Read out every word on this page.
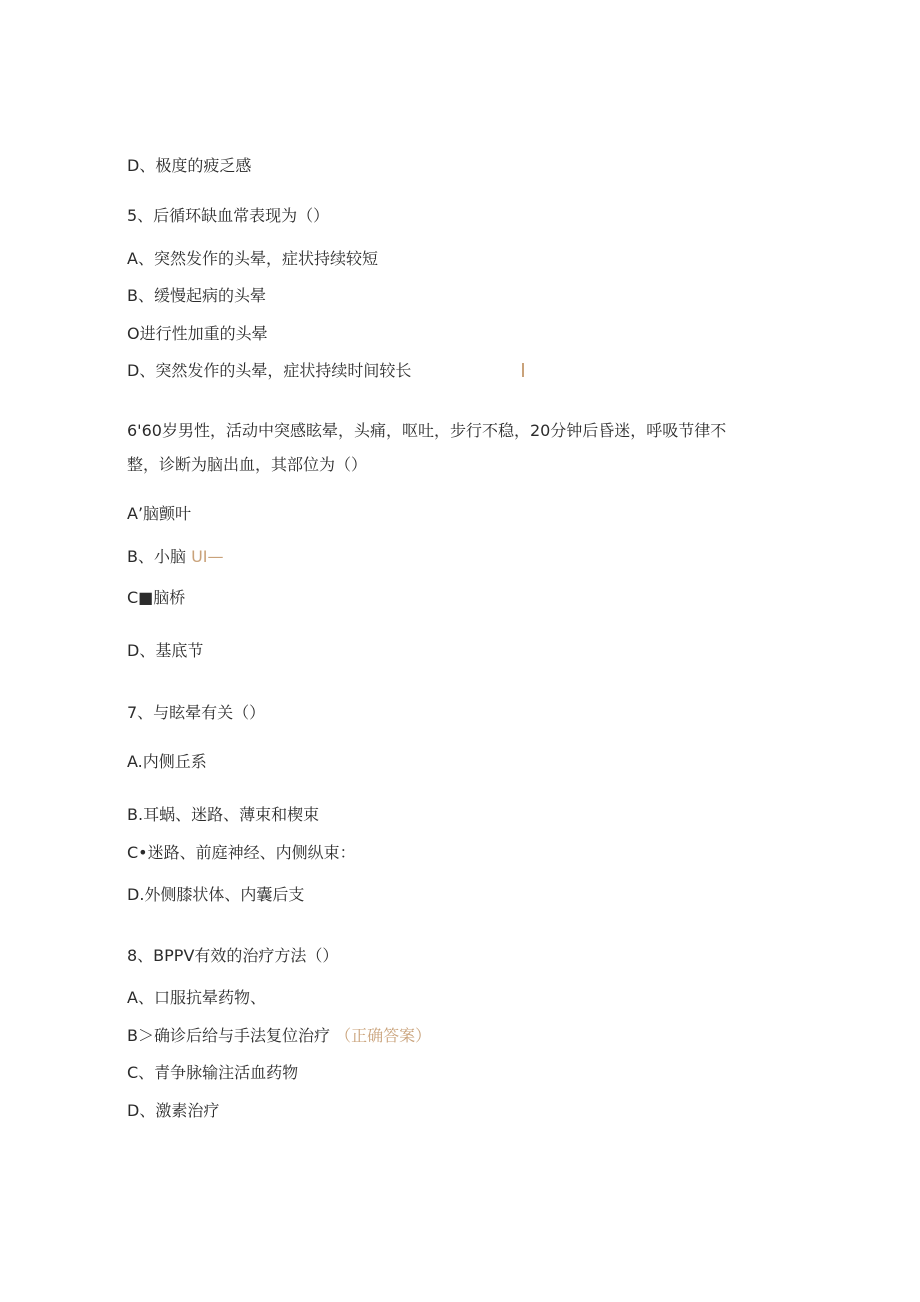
D、极度的疲乏感
5、后循环缺血常表现为（）
A、突然发作的头晕，症状持续较短
B、缓慢起病的头晕
O进行性加重的头晕
D、突然发作的头晕，症状持续时间较长
6'60岁男性，活动中突感眩晕，头痛，呕吐，步行不稳，20分钟后昏迷，呼吸节律不
整，诊断为脑出血，其部位为（）
A’脑颤叶
B、小脑 UI—
C■脑桥
D、基底节
7、与眩晕有关（）
A.内侧丘系
B.耳蜗、迷路、薄束和楔束
C•迷路、前庭神经、内侧纵束：
D.外侧膝状体、内囊后支
8、BPPV有效的治疗方法（）
A、口服抗晕药物、
B＞确诊后给与手法复位治疗 （正确答案）
C、青争脉输注活血药物
D、激素治疗
